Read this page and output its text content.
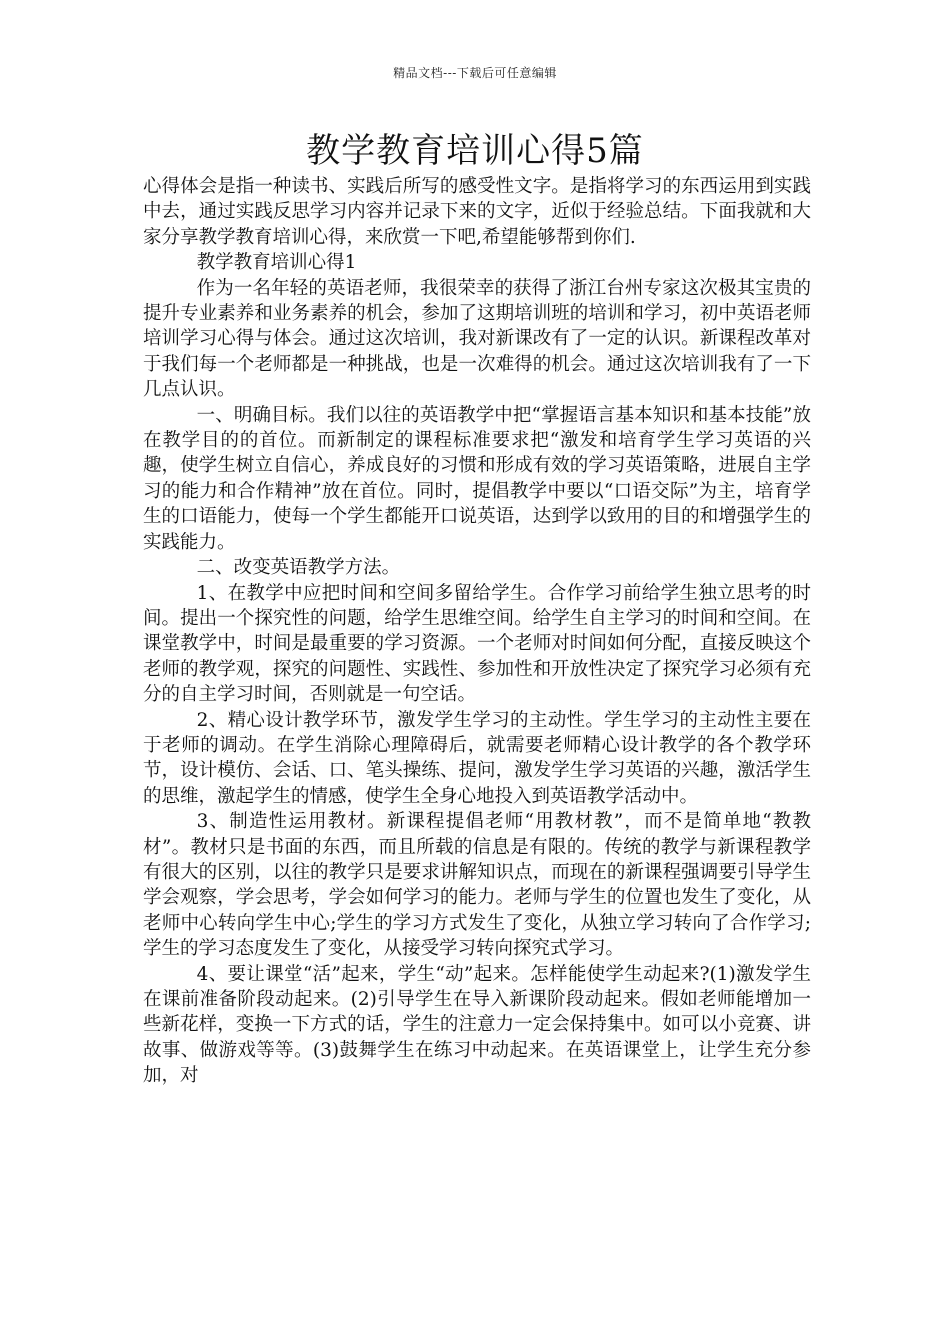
精品文档---下载后可任意编辑
教学教育培训心得5篇

心得体会是指一种读书、实践后所写的感受性文字。是指将学习的东西运用到实践中去，通过实践反思学习内容并记录下来的文字，近似于经验总结。下面我就和大家分享教学教育培训心得，来欣赏一下吧,希望能够帮到你们.

教学教育培训心得1

作为一名年轻的英语老师，我很荣幸的获得了浙江台州专家这次极其宝贵的提升专业素养和业务素养的机会，参加了这期培训班的培训和学习，初中英语老师培训学习心得与体会。通过这次培训，我对新课改有了一定的认识。新课程改革对于我们每一个老师都是一种挑战，也是一次难得的机会。通过这次培训我有了一下几点认识。

一、明确目标。我们以往的英语教学中把“掌握语言基本知识和基本技能”放在教学目的的首位。而新制定的课程标准要求把“激发和培育学生学习英语的兴趣，使学生树立自信心，养成良好的习惯和形成有效的学习英语策略，进展自主学习的能力和合作精神”放在首位。同时，提倡教学中要以“口语交际”为主，培育学生的口语能力，使每一个学生都能开口说英语，达到学以致用的目的和增强学生的实践能力。

二、改变英语教学方法。

1、在教学中应把时间和空间多留给学生。合作学习前给学生独立思考的时间。提出一个探究性的问题，给学生思维空间。给学生自主学习的时间和空间。在课堂教学中，时间是最重要的学习资源。一个老师对时间如何分配，直接反映这个老师的教学观，探究的问题性、实践性、参加性和开放性决定了探究学习必须有充分的自主学习时间，否则就是一句空话。

2、精心设计教学环节，激发学生学习的主动性。学生学习的主动性主要在于老师的调动。在学生消除心理障碍后，就需要老师精心设计教学的各个教学环节，设计模仿、会话、口、笔头操练、提问，激发学生学习英语的兴趣，激活学生的思维，激起学生的情感，使学生全身心地投入到英语教学活动中。

3、制造性运用教材。新课程提倡老师“用教材教”，而不是简单地“教教材”。教材只是书面的东西，而且所载的信息是有限的。传统的教学与新课程教学有很大的区别，以往的教学只是要求讲解知识点，而现在的新课程强调要引导学生学会观察，学会思考，学会如何学习的能力。老师与学生的位置也发生了变化，从老师中心转向学生中心;学生的学习方式发生了变化，从独立学习转向了合作学习;学生的学习态度发生了变化，从接受学习转向探究式学习。

4、要让课堂“活”起来，学生“动”起来。怎样能使学生动起来?(1)激发学生在课前准备阶段动起来。(2)引导学生在导入新课阶段动起来。假如老师能增加一些新花样，变换一下方式的话，学生的注意力一定会保持集中。如可以小竞赛、讲故事、做游戏等等。(3)鼓舞学生在练习中动起来。在英语课堂上，让学生充分参加，对
